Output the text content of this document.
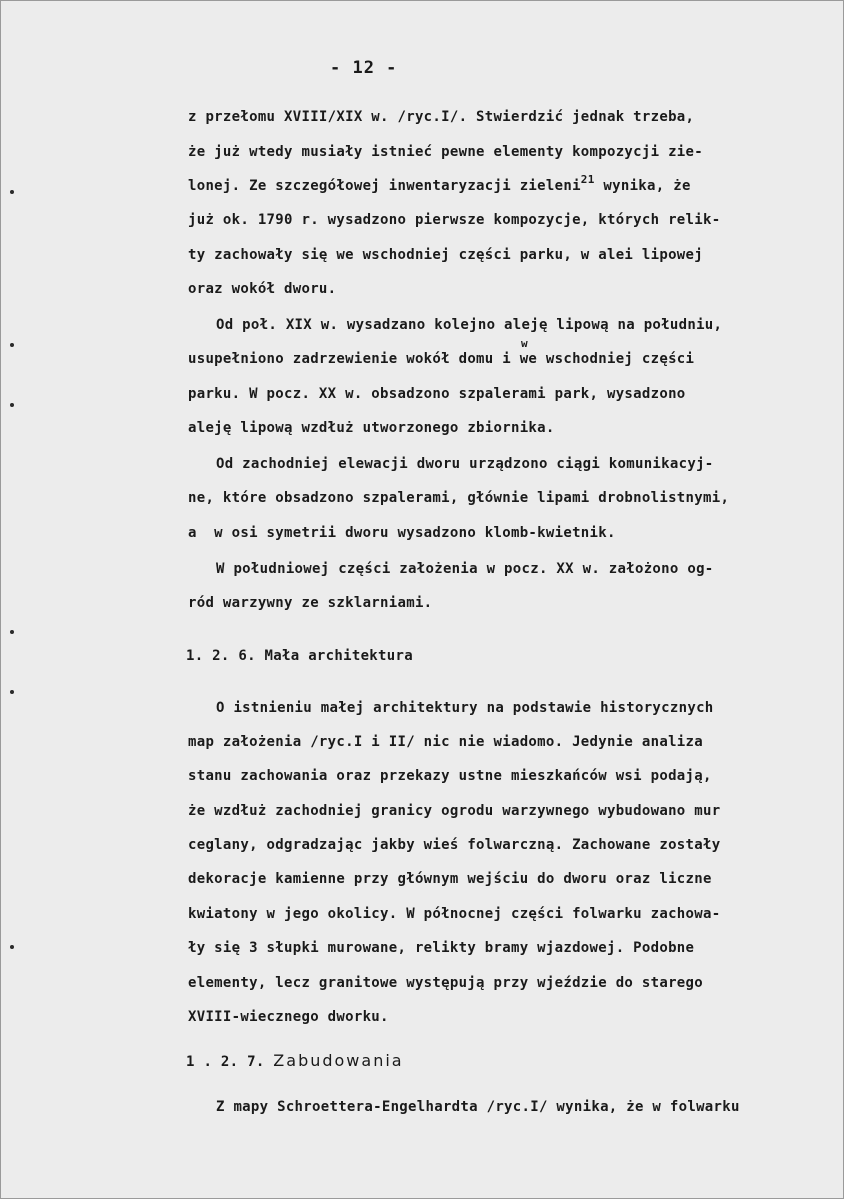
- 12 -
z przełomu XVIII/XIX w. /ryc.I/. Stwierdzić jednak trzeba,
że już wtedy musiały istnieć pewne elementy kompozycji zie-
lonej. Ze szczegółowej inwentaryzacji zieleni$^{21}$ wynika, że
już ok. 1790 r. wysadzono pierwsze kompozycje, których relik-
ty zachowały się we wschodniej części parku, w alei lipowej
oraz wokół dworu.
Od poł. XIX w. wysadzano kolejno aleję lipową na południu,
w
usupełniono zadrzewienie wokół domu i we wschodniej części
parku. W pocz. XX w. obsadzono szpalerami park, wysadzono
aleję lipową wzdłuż utworzonego zbiornika.
Od zachodniej elewacji dworu urządzono ciągi komunikacyj-
ne, które obsadzono szpalerami, głównie lipami drobnolistnymi,
a  w osi symetrii dworu wysadzono klomb-kwietnik.
W południowej części założenia w pocz. XX w. założono og-
ród warzywny ze szklarniami.
1. 2. 6. Mała architektura
O istnieniu małej architektury na podstawie historycznych
map założenia /ryc.I i II/ nic nie wiadomo. Jedynie analiza
stanu zachowania oraz przekazy ustne mieszkańców wsi podają,
że wzdłuż zachodniej granicy ogrodu warzywnego wybudowano mur
ceglany, odgradzając jakby wieś folwarczną. Zachowane zostały
dekoracje kamienne przy głównym wejściu do dworu oraz liczne
kwiatony w jego okolicy. W północnej części folwarku zachowa-
ły się 3 słupki murowane, relikty bramy wjazdowej. Podobne
elementy, lecz granitowe występują przy wjeździe do starego
XVIII-wiecznego dworku.
1 . 2. 7. Zabudowania
Z mapy Schroettera-Engelhardta /ryc.I/ wynika, że w folwarku
